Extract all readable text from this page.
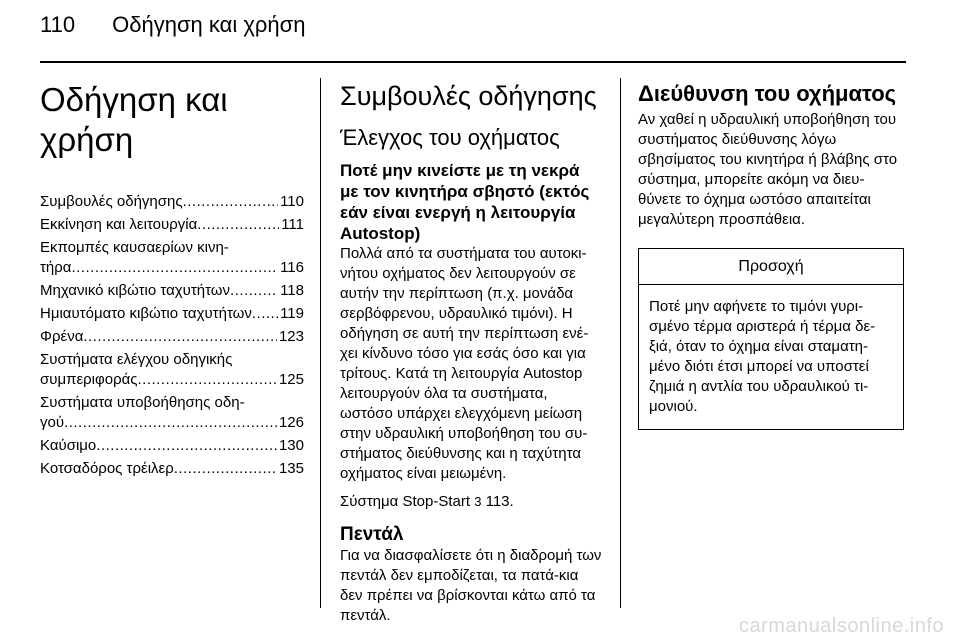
110 Οδήγηση και χρήση
Οδήγηση και χρήση
Συμβουλές οδήγησης .....	110
Εκκίνηση και λειτουργία .....	111
Εκπομπές καυσαερίων κινη-
τήρα .....	116
Μηχανικό κιβώτιο ταχυτήτων .....	118
Ημιαυτόματο κιβώτιο ταχυτήτων ..... 119
Φρένα .....	123
Συστήματα ελέγχου οδηγικής
συμπεριφοράς .....	125
Συστήματα υποβοήθησης οδη-
γού .....	126
Καύσιμο .....	130
Κοτσαδόρος τρέιλερ .....	135
Συμβουλές οδήγησης
Έλεγχος του οχήματος
Ποτέ μην κινείστε με τη νεκρά με τον κινητήρα σβηστό (εκτός εάν είναι ενεργή η λειτουργία Autostop)
Πολλά από τα συστήματα του αυτοκι-νήτου οχήματος δεν λειτουργούν σε αυτήν την περίπτωση (π.χ. μονάδα σερβόφρενου, υδραυλικό τιμόνι). Η οδήγηση σε αυτή την περίπτωση ενέ-χει κίνδυνο τόσο για εσάς όσο και για τρίτους. Κατά τη λειτουργία Autostop λειτουργούν όλα τα συστήματα, ωστόσο υπάρχει ελεγχόμενη μείωση στην υδραυλική υποβοήθηση του συ-στήματος διεύθυνσης και η ταχύτητα οχήματος είναι μειωμένη.
Σύστημα Stop-Start 3 113.
Πεντάλ
Για να διασφαλίσετε ότι η διαδρομή των πεντάλ δεν εμποδίζεται, τα πατά-κια δεν πρέπει να βρίσκονται κάτω από τα πεντάλ.
Διεύθυνση του οχήματος
Αν χαθεί η υδραυλική υποβοήθηση του συστήματος διεύθυνσης λόγω σβησίματος του κινητήρα ή βλάβης στο σύστημα, μπορείτε ακόμη να διευ-θύνετε το όχημα ωστόσο απαιτείται μεγαλύτερη προσπάθεια.
Προσοχή
Ποτέ μην αφήνετε το τιμόνι γυρι-σμένο τέρμα αριστερά ή τέρμα δε-ξιά, όταν το όχημα είναι σταματη-μένο διότι έτσι μπορεί να υποστεί ζημιά η αντλία του υδραυλικού τι-μονιού.
carmanualsonline.info
